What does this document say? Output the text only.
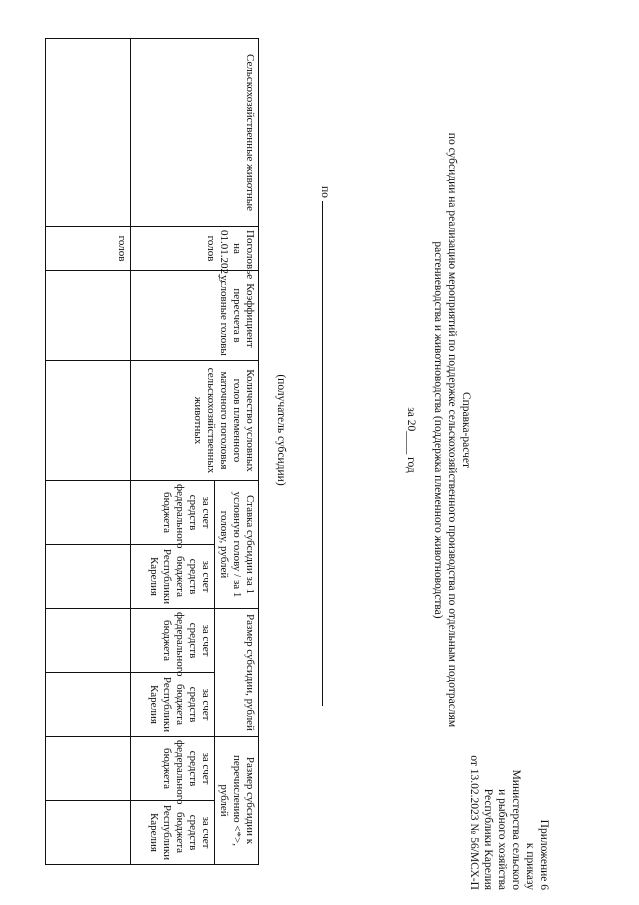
Приложение 6
к приказу
Министерства сельского
и рыбного хозяйства
Республики Карелия
от 13.02.2023 № 56/МСХ-П
Справка-расчет
по субсидии на реализацию мероприятий по поддержке сельскохозяйственного производства по отдельным подотраслям
растениеводства и животноводства (поддержка племенного животноводства)
за 20____ год
по
(получатель субсидии)
Сельскохозяйственные животные	Поголовье на 01.01.202_, голов	Коэффициент пересчета в условные головы	Количество условных голов племенного маточного поголовья сельскохозяйственных животных	Ставка субсидии за 1 условную голову / за 1 голову, рублей		Размер субсидии, рублей		Размер субсидии к перечислению <*>, рублей	
				за счет средств федерального бюджета	за счет средств бюджета Республики Карелия	за счет средств федерального бюджета	за счет средств бюджета Республики Карелия	за счет средств федерального бюджета	за счет средств бюджета Республики Карелия
	голов								
